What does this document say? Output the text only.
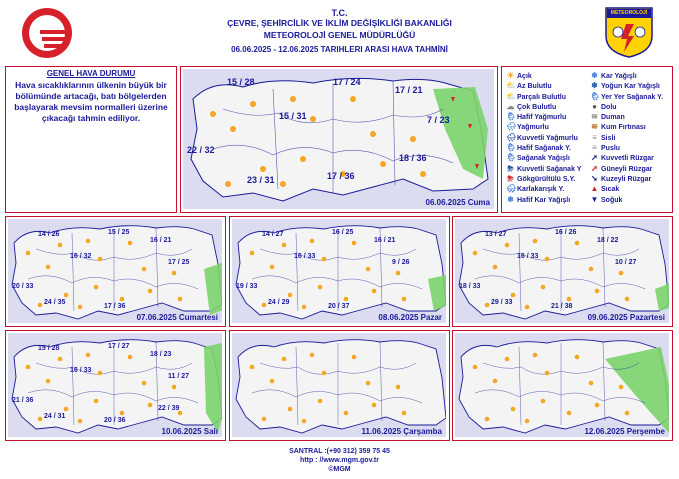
T.C.
ÇEVRE, ŞEHİRCİLİK VE İKLİM DEĞİŞİKLİĞİ BAKANLIĞI
METEOROLOJİ GENEL MÜDÜRLÜĞÜ
06.06.2025 - 12.06.2025 TARIHLERI ARASI HAVA TAHMİNİ
METEOROLOJİ
GENEL HAVA DURUMU
Hava sıcaklıklarının ülkenin büyük bir bölümünde artacağı, batı bölgelerden başlayarak mevsim normalleri üzerine çıkacağı tahmin ediliyor.
15 / 28	17 / 24
17 / 21
15 / 31	7 / 23
22 / 32
18 / 36
23 / 31	17 / 36
06.06.2025 Cuma
☀ Açık
⛅Az Bulutlu
⛅Parçalı Bulutlu
☁ Çok Bulutlu
🌦Hafif Yağmurlu
🌧Yağmurlu
🌧Kuvvetli Yağmurlu
🌦Hafif Sağanak Y.
🌦Sağanak Yağışlı
⛈ Kuvvetli Sağanak Y
⛈ Gökgürültülü S.Y.
🌨Karlakarışık Y.
❄ Hafif Kar Yağışlı
❄ Kar Yağışlı
❄ Yoğun Kar Yağışlı
🌦Yer Yer Sağanak Y.
● Dolu
≋ Duman
≋ Kum Fırtınası
≡ Sisli
≡ Puslu
➚ Kuvvetli Rüzgar
➚ Güneyli Rüzgar
➘ Kuzeyli Rüzgar
▲ Sıcak
▼ Soğuk
14 / 26	15 / 25
16 / 32
16 / 21
17 / 25
20 / 33
24 / 35
17 / 36
07.06.2025 Cumartesi
14 / 27	16 / 25
16 / 33
16 / 21
9 / 26
19 / 33
24 / 29
20 / 37
08.06.2025 Pazar
13 / 27	16 / 26
16 / 33
18 / 22
10 / 27
18 / 33
29 / 33
21 / 38
09.06.2025 Pazartesi
15 / 28	17 / 27
16 / 33
18 / 23
11 / 27
21 / 36
24 / 31
20 / 36
22 / 39
10.06.2025 Salı	11.06.2025 Çarşamba	12.06.2025 Perşembe
SANTRAL :(+90 312) 359 75 45
http : //www.mgm.gov.tr
©MGM
